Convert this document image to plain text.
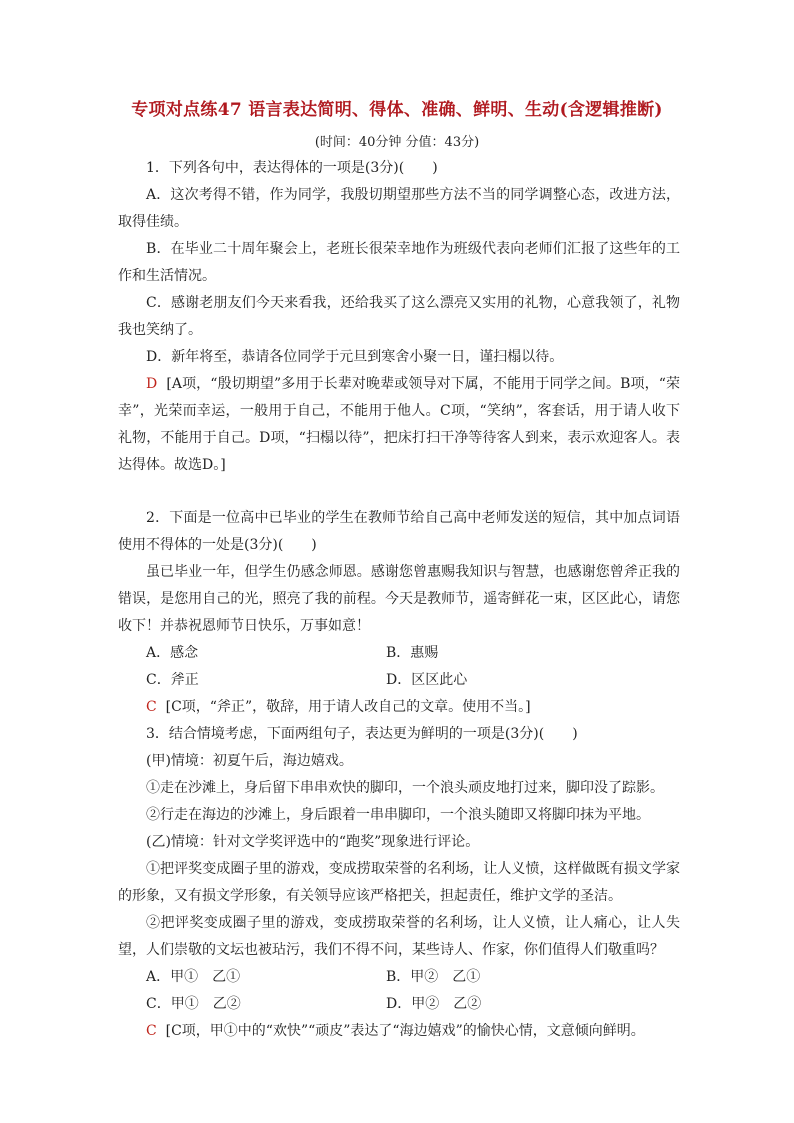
专项对点练47 语言表达简明、得体、准确、鲜明、生动(含逻辑推断)
(时间：40分钟 分值：43分)
1．下列各句中，表达得体的一项是(3分)(　　)
A．这次考得不错，作为同学，我殷切期望那些方法不当的同学调整心态，改进方法，取得佳绩。
B．在毕业二十周年聚会上，老班长很荣幸地作为班级代表向老师们汇报了这些年的工作和生活情况。
C．感谢老朋友们今天来看我，还给我买了这么漂亮又实用的礼物，心意我领了，礼物我也笑纳了。
D．新年将至，恭请各位同学于元旦到寒舍小聚一日，谨扫榻以待。
D [A项，“殷切期望”多用于长辈对晚辈或领导对下属，不能用于同学之间。B项，“荣幸”，光荣而幸运，一般用于自己，不能用于他人。C项，“笑纳”，客套话，用于请人收下礼物，不能用于自己。D项，“扫榻以待”，把床打扫干净等待客人到来，表示欢迎客人。表达得体。故选D。]
2．下面是一位高中已毕业的学生在教师节给自己高中老师发送的短信，其中加点词语使用不得体的一处是(3分)(　　)
虽已毕业一年，但学生仍感念师恩。感谢您曾惠赐我知识与智慧，也感谢您曾斧正我的错误，是您用自己的光，照亮了我的前程。今天是教师节，遥寄鲜花一束，区区此心，请您收下！并恭祝恩师节日快乐，万事如意！
A．感念	B．惠赐
C．斧正	D．区区此心
C [C项，“斧正”，敬辞，用于请人改自己的文章。使用不当。]
3．结合情境考虑，下面两组句子，表达更为鲜明的一项是(3分)(　　)
(甲)情境：初夏午后，海边嬉戏。
①走在沙滩上，身后留下串串欢快的脚印，一个浪头顽皮地打过来，脚印没了踪影。
②行走在海边的沙滩上，身后跟着一串串脚印，一个浪头随即又将脚印抹为平地。
(乙)情境：针对文学奖评选中的“跑奖”现象进行评论。
①把评奖变成圈子里的游戏，变成捞取荣誉的名利场，让人义愤，这样做既有损文学家的形象，又有损文学形象，有关领导应该严格把关，担起责任，维护文学的圣洁。
②把评奖变成圈子里的游戏，变成捞取荣誉的名利场，让人义愤，让人痛心，让人失望，人们崇敬的文坛也被玷污，我们不得不问，某些诗人、作家，你们值得人们敬重吗？
A．甲①　乙①	B．甲②　乙①
C．甲①　乙②	D．甲②　乙②
C [C项，甲①中的“欢快”“顽皮”表达了“海边嬉戏”的愉快心情，文意倾向鲜明。
